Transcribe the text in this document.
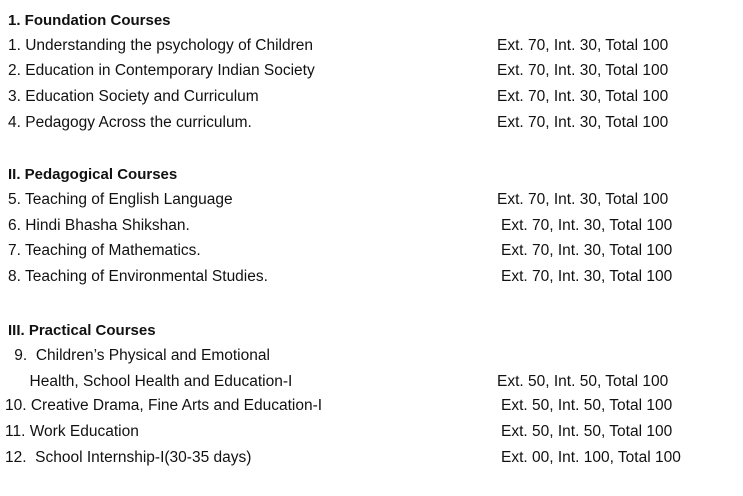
1. Foundation Courses
1. Understanding the psychology of Children	Ext. 70, Int. 30, Total 100
2. Education in Contemporary Indian Society	Ext. 70, Int. 30, Total 100
3. Education Society and Curriculum	Ext. 70, Int. 30, Total 100
4. Pedagogy Across the curriculum.	Ext. 70, Int. 30, Total 100
II. Pedagogical Courses
5. Teaching of English Language	Ext. 70, Int. 30, Total 100
6. Hindi Bhasha Shikshan.	Ext. 70, Int. 30, Total 100
7. Teaching of Mathematics.	Ext. 70, Int. 30, Total 100
8. Teaching of Environmental Studies.	Ext. 70, Int. 30, Total 100
III. Practical Courses
9.  Children’s Physical and Emotional
Health, School Health and Education-I	Ext. 50, Int. 50, Total 100
10. Creative Drama, Fine Arts and Education-I	Ext. 50, Int. 50, Total 100
11. Work Education	Ext. 50, Int. 50, Total 100
12.  School Internship-I(30-35 days)	Ext. 00, Int. 100, Total 100
